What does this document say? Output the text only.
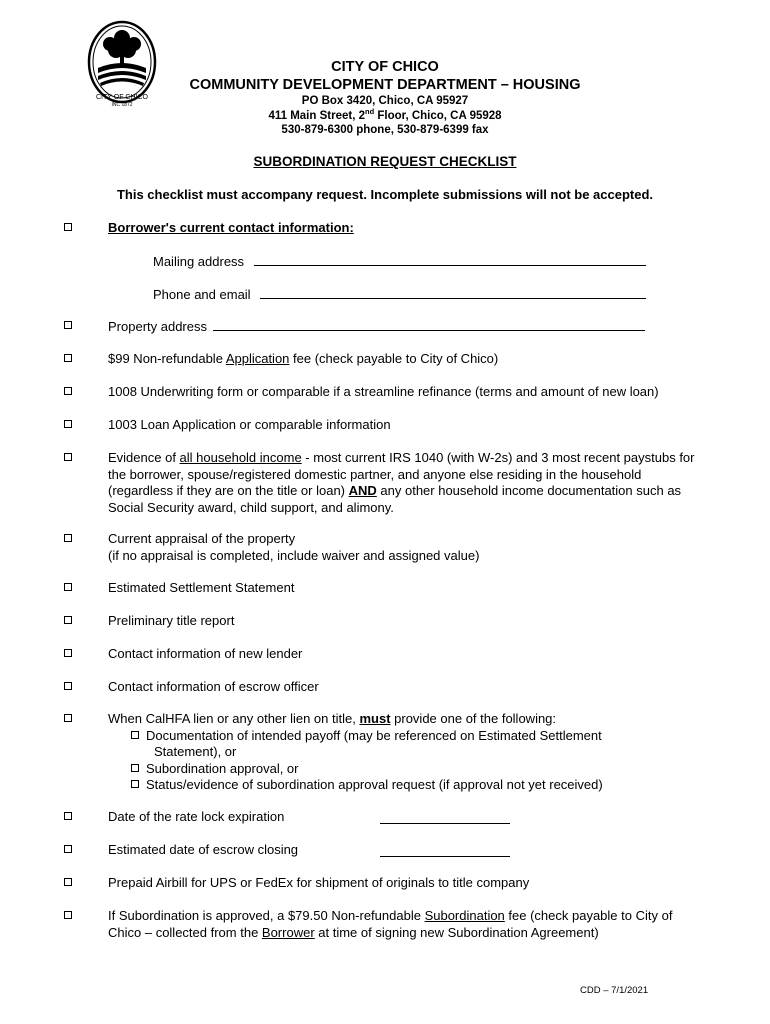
CITY OF CHICO
INC 1872
CITY OF CHICO
COMMUNITY DEVELOPMENT DEPARTMENT – HOUSING
PO Box 3420, Chico, CA 95927
411 Main Street, 2nd Floor, Chico, CA 95928
530-879-6300 phone, 530-879-6399 fax
SUBORDINATION REQUEST CHECKLIST
This checklist must accompany request. Incomplete submissions will not be accepted.
Borrower's current contact information:
Mailing address
Phone and email
Property address
$99 Non-refundable Application fee (check payable to City of Chico)
1008 Underwriting form or comparable if a streamline refinance (terms and amount of new loan)
1003 Loan Application or comparable information
Evidence of all household income - most current IRS 1040 (with W-2s) and 3 most recent paystubs for the borrower, spouse/registered domestic partner, and anyone else residing in the household (regardless if they are on the title or loan) AND any other household income documentation such as Social Security award, child support, and alimony.
Current appraisal of the property
(if no appraisal is completed, include waiver and assigned value)
Estimated Settlement Statement
Preliminary title report
Contact information of new lender
Contact information of escrow officer
When CalHFA lien or any other lien on title, must provide one of the following:
Documentation of intended payoff (may be referenced on Estimated Settlement Statement), or
Subordination approval, or
Status/evidence of subordination approval request (if approval not yet received)
Date of the rate lock expiration
Estimated date of escrow closing
Prepaid Airbill for UPS or FedEx for shipment of originals to title company
If Subordination is approved, a $79.50 Non-refundable Subordination fee (check payable to City of Chico – collected from the Borrower at time of signing new Subordination Agreement)
CDD – 7/1/2021
